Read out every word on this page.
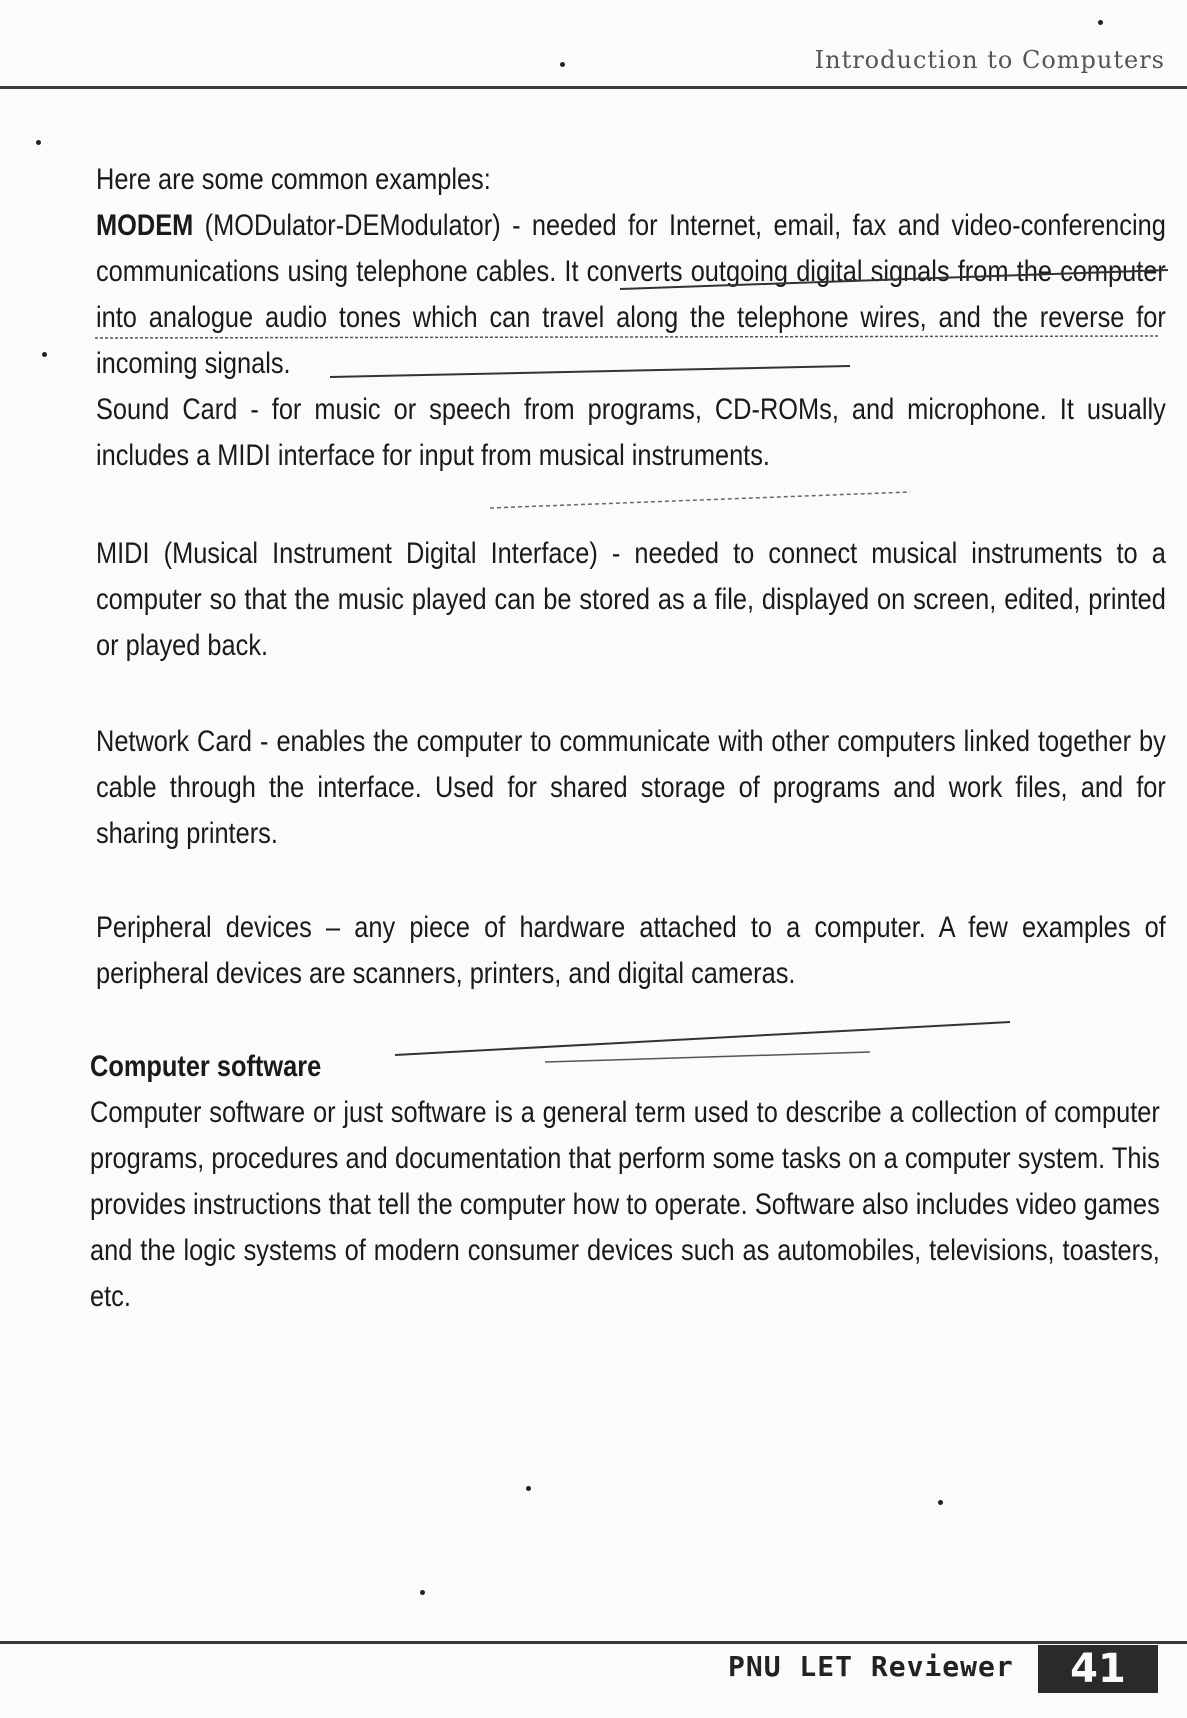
Introduction to Computers

Here are some common examples:

MODEM (MODulator-DEModulator) - needed for Internet, email, fax and video-conferencing communications using telephone cables. It converts outgoing digital signals from the computer into analogue audio tones which can travel along the telephone wires, and the reverse for incoming signals.

Sound Card - for music or speech from programs, CD-ROMs, and microphone. It usually includes a MIDI interface for input from musical instruments.

MIDI (Musical Instrument Digital Interface) - needed to connect musical instruments to a computer so that the music played can be stored as a file, displayed on screen, edited, printed or played back.

Network Card - enables the computer to communicate with other computers linked together by cable through the interface. Used for shared storage of programs and work files, and for sharing printers.

Peripheral devices – any piece of hardware attached to a computer. A few examples of peripheral devices are scanners, printers, and digital cameras.

Computer software

Computer software or just software is a general term used to describe a collection of computer programs, procedures and documentation that perform some tasks on a computer system. This provides instructions that tell the computer how to operate. Software also includes video games and the logic systems of modern consumer devices such as automobiles, televisions, toasters, etc.

PNU LET Reviewer	41
